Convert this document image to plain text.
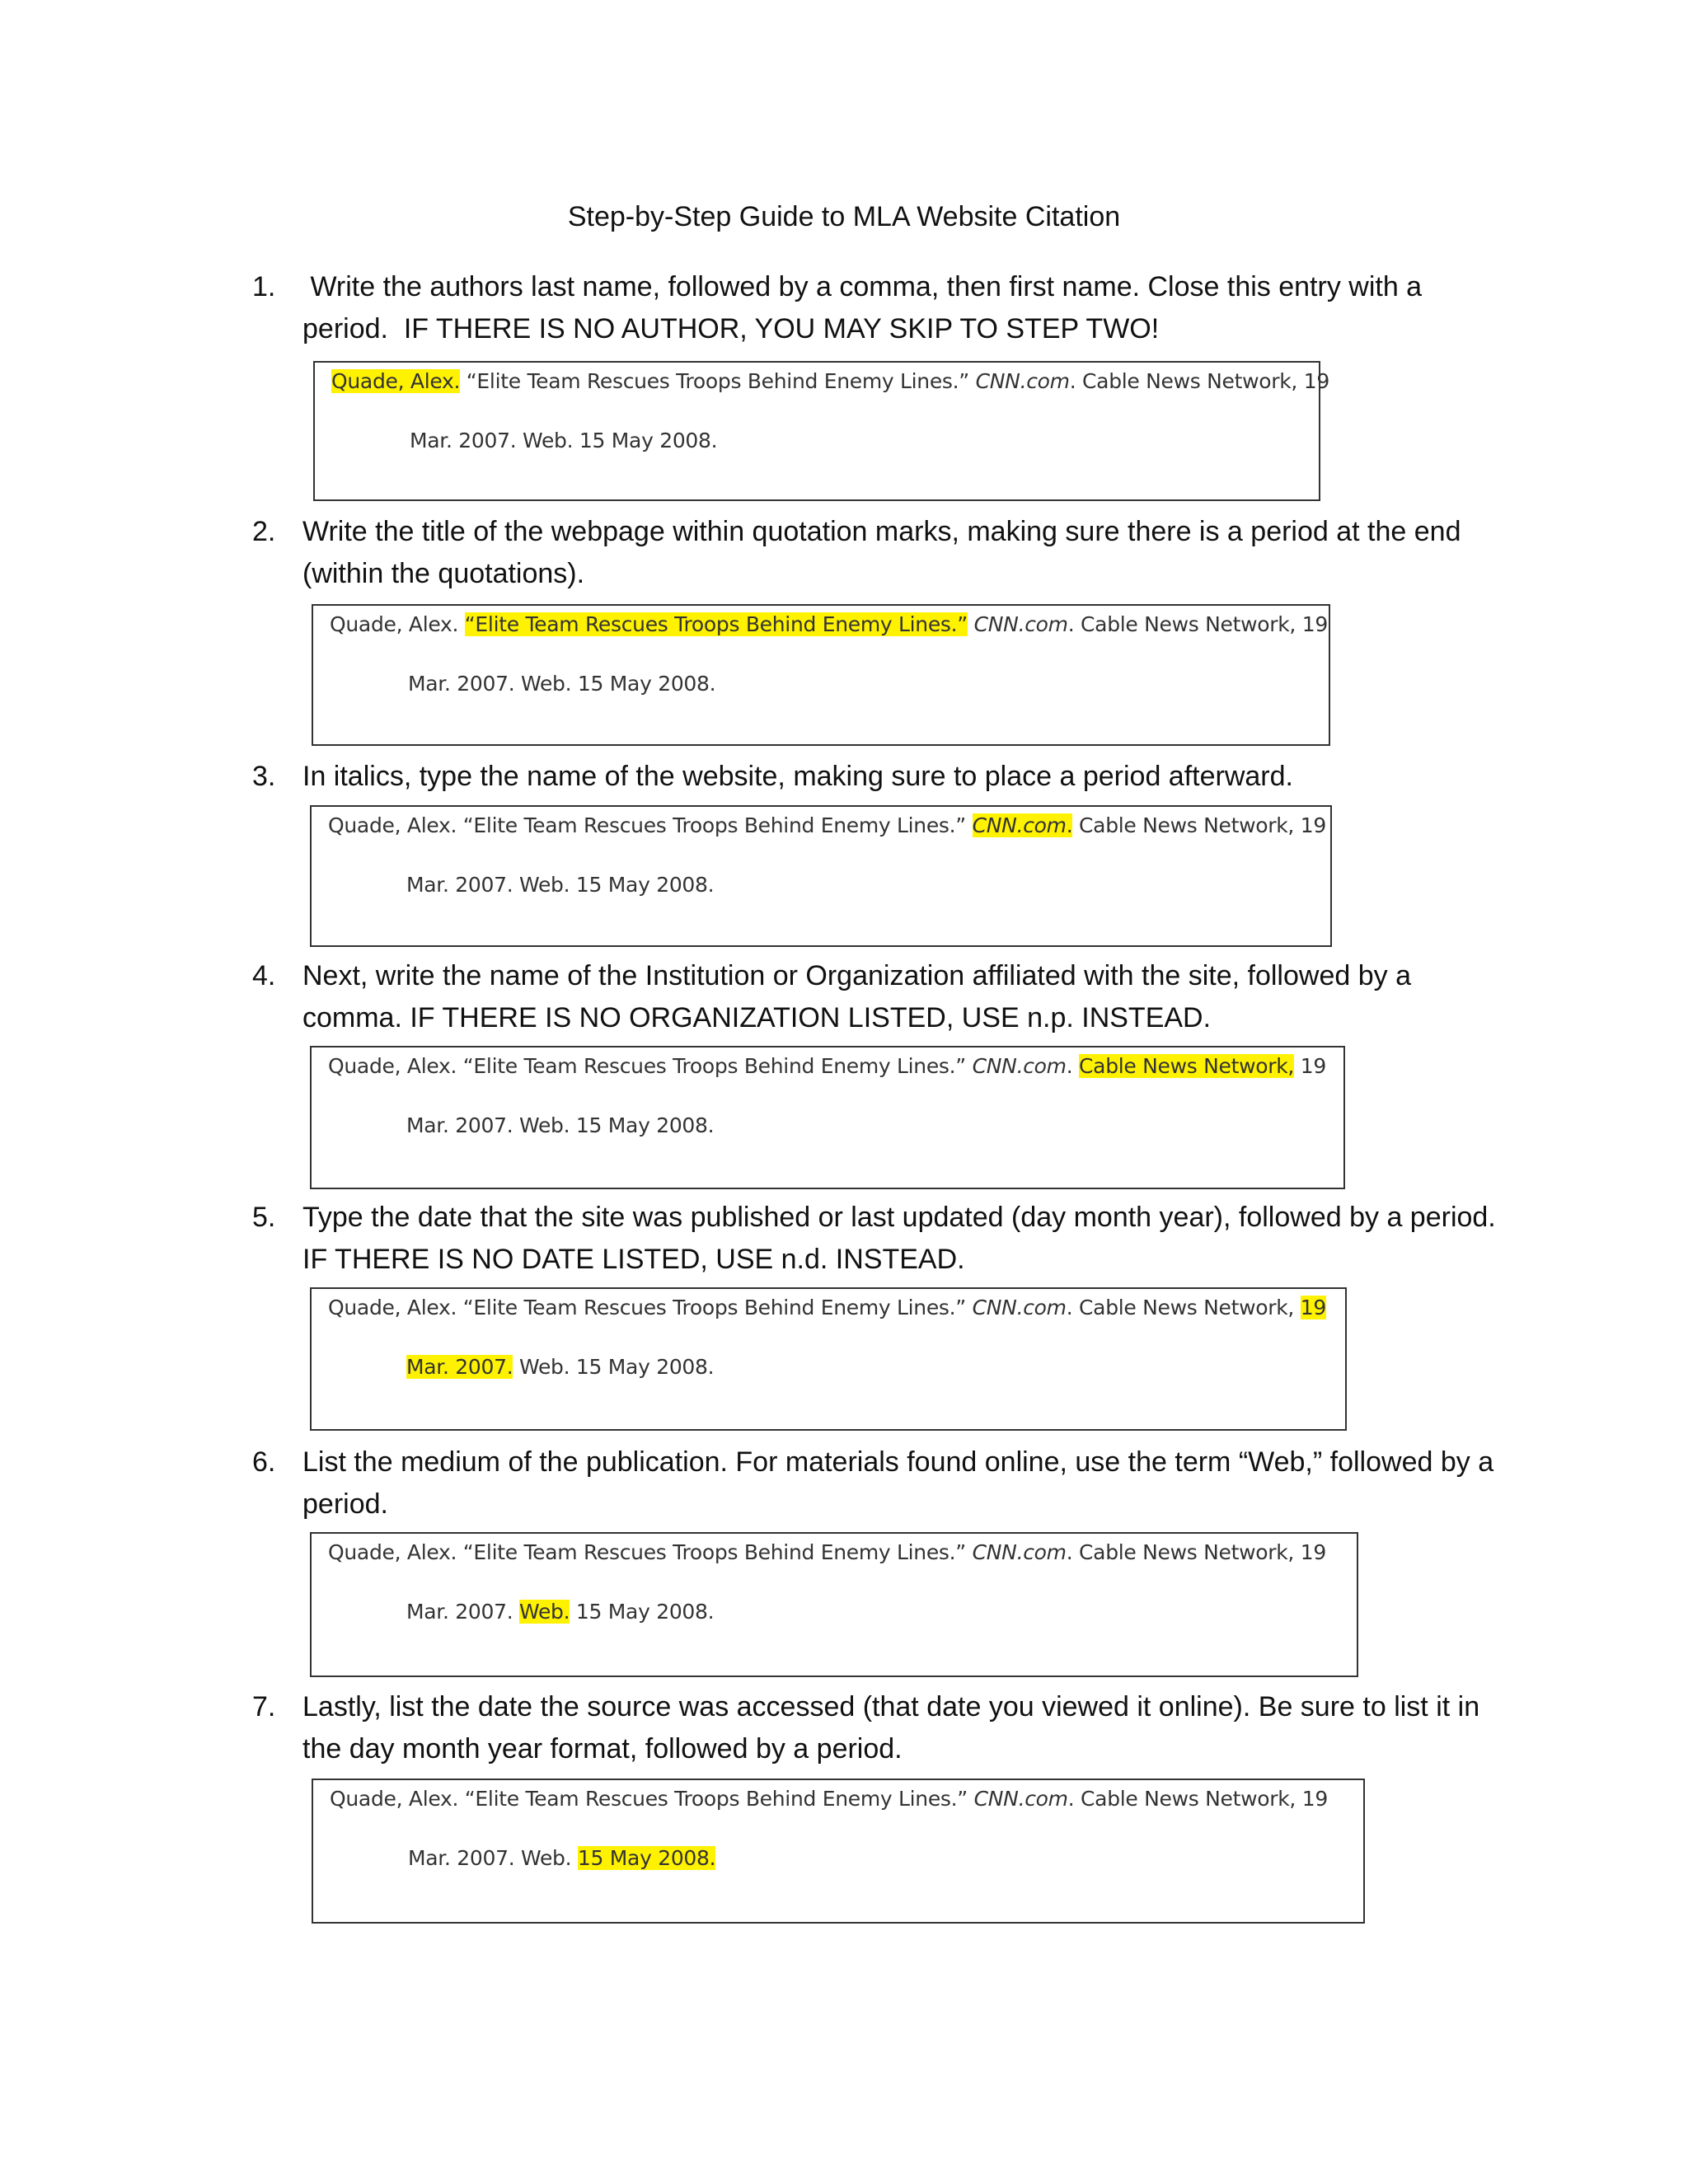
Step-by-Step Guide to MLA Website Citation
1. Write the authors last name, followed by a comma, then first name. Close this entry with a period.  IF THERE IS NO AUTHOR, YOU MAY SKIP TO STEP TWO!
Quade, Alex. “Elite Team Rescues Troops Behind Enemy Lines.” CNN.com. Cable News Network, 19
Mar. 2007. Web. 15 May 2008.
2. Write the title of the webpage within quotation marks, making sure there is a period at the end (within the quotations).
Quade, Alex. “Elite Team Rescues Troops Behind Enemy Lines.” CNN.com. Cable News Network, 19
Mar. 2007. Web. 15 May 2008.
3. In italics, type the name of the website, making sure to place a period afterward.
Quade, Alex. “Elite Team Rescues Troops Behind Enemy Lines.” CNN.com. Cable News Network, 19
Mar. 2007. Web. 15 May 2008.
4. Next, write the name of the Institution or Organization affiliated with the site, followed by a comma. IF THERE IS NO ORGANIZATION LISTED, USE n.p. INSTEAD.
Quade, Alex. “Elite Team Rescues Troops Behind Enemy Lines.” CNN.com. Cable News Network, 19
Mar. 2007. Web. 15 May 2008.
5. Type the date that the site was published or last updated (day month year), followed by a period.  IF THERE IS NO DATE LISTED, USE n.d. INSTEAD.
Quade, Alex. “Elite Team Rescues Troops Behind Enemy Lines.” CNN.com. Cable News Network, 19
Mar. 2007. Web. 15 May 2008.
6. List the medium of the publication. For materials found online, use the term “Web,” followed by a period.
Quade, Alex. “Elite Team Rescues Troops Behind Enemy Lines.” CNN.com. Cable News Network, 19
Mar. 2007. Web. 15 May 2008.
7. Lastly, list the date the source was accessed (that date you viewed it online). Be sure to list it in the day month year format, followed by a period.
Quade, Alex. “Elite Team Rescues Troops Behind Enemy Lines.” CNN.com. Cable News Network, 19
Mar. 2007. Web. 15 May 2008.
